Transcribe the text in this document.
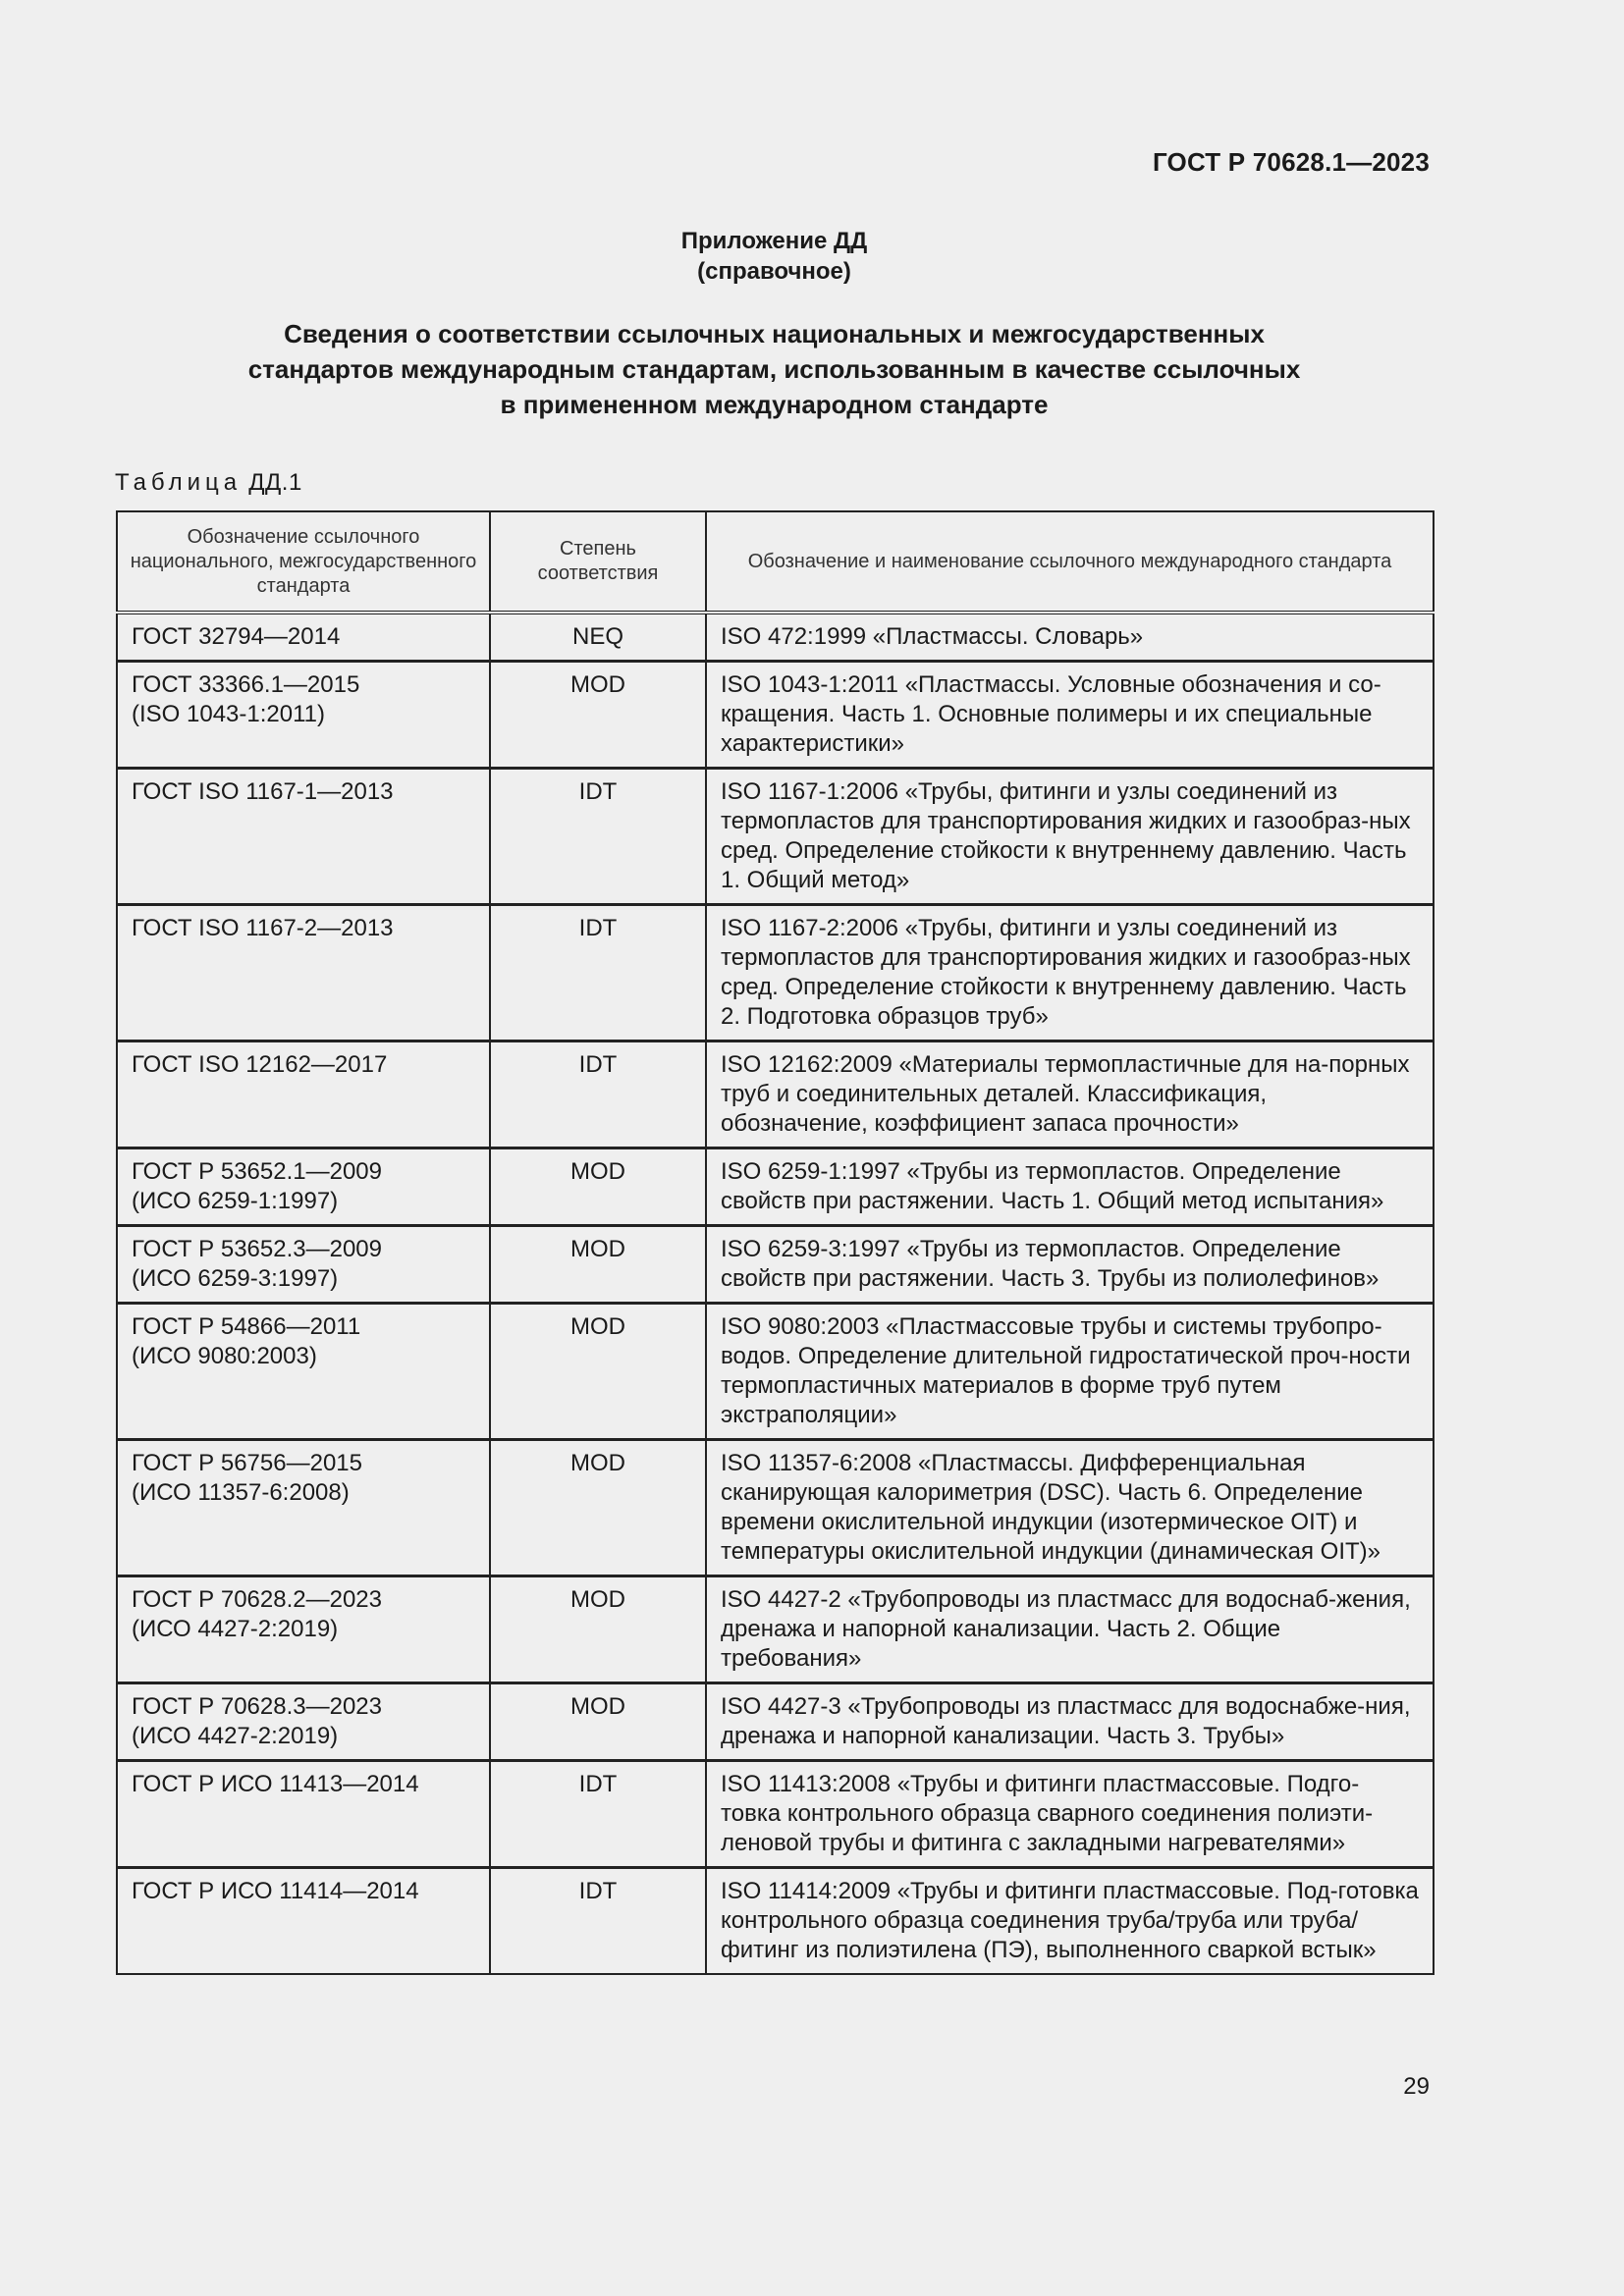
ГОСТ Р 70628.1—2023
Приложение ДД
(справочное)
Сведения о соответствии ссылочных национальных и межгосударственных
стандартов международным стандартам, использованным в качестве ссылочных
в примененном международном стандарте
Таблица ДД.1
Обозначение ссылочного национального, межгосударственного стандарта	Степень соответствия	Обозначение и наименование ссылочного международного стандарта

ГОСТ 32794—2014	NEQ	ISO 472:1999 «Пластмассы. Словарь»

ГОСТ 33366.1—2015
(ISO 1043-1:2011)	MOD	ISO 1043-1:2011 «Пластмассы. Условные обозначения и со-кращения. Часть 1. Основные полимеры и их специальные характеристики»

ГОСТ ISO 1167-1—2013	IDT	ISO 1167-1:2006 «Трубы, фитинги и узлы соединений из термопластов для транспортирования жидких и газообраз-ных сред. Определение стойкости к внутреннему давлению. Часть 1. Общий метод»

ГОСТ ISO 1167-2—2013	IDT	ISO 1167-2:2006 «Трубы, фитинги и узлы соединений из термопластов для транспортирования жидких и газообраз-ных сред. Определение стойкости к внутреннему давлению. Часть 2. Подготовка образцов труб»

ГОСТ ISO 12162—2017	IDT	ISO 12162:2009 «Материалы термопластичные для на-порных труб и соединительных деталей. Классификация, обозначение, коэффициент запаса прочности»

ГОСТ Р 53652.1—2009
(ИСО 6259-1:1997)	MOD	ISO 6259-1:1997 «Трубы из термопластов. Определение свойств при растяжении. Часть 1. Общий метод испытания»

ГОСТ Р 53652.3—2009
(ИСО 6259-3:1997)	MOD	ISO 6259-3:1997 «Трубы из термопластов. Определение свойств при растяжении. Часть 3. Трубы из полиолефинов»

ГОСТ Р 54866—2011
(ИСО 9080:2003)	MOD	ISO 9080:2003 «Пластмассовые трубы и системы трубопро-водов. Определение длительной гидростатической проч-ности термопластичных материалов в форме труб путем экстраполяции»

ГОСТ Р 56756—2015
(ИСО 11357-6:2008)	MOD	ISO 11357-6:2008 «Пластмассы. Дифференциальная сканирующая калориметрия (DSC). Часть 6. Определение времени окислительной индукции (изотермическое OIT) и температуры окислительной индукции (динамическая OIT)»

ГОСТ Р 70628.2—2023
(ИСО 4427-2:2019)	MOD	ISO 4427-2 «Трубопроводы из пластмасс для водоснаб-жения, дренажа и напорной канализации. Часть 2. Общие требования»

ГОСТ Р 70628.3—2023
(ИСО 4427-2:2019)	MOD	ISO 4427-3 «Трубопроводы из пластмасс для водоснабже-ния, дренажа и напорной канализации. Часть 3. Трубы»

ГОСТ Р ИСО 11413—2014	IDT	ISO 11413:2008 «Трубы и фитинги пластмассовые. Подго-товка контрольного образца сварного соединения полиэти-леновой трубы и фитинга с закладными нагревателями»

ГОСТ Р ИСО 11414—2014	IDT	ISO 11414:2009 «Трубы и фитинги пластмассовые. Под-готовка контрольного образца соединения труба/труба или труба/фитинг из полиэтилена (ПЭ), выполненного сваркой встык»
29
